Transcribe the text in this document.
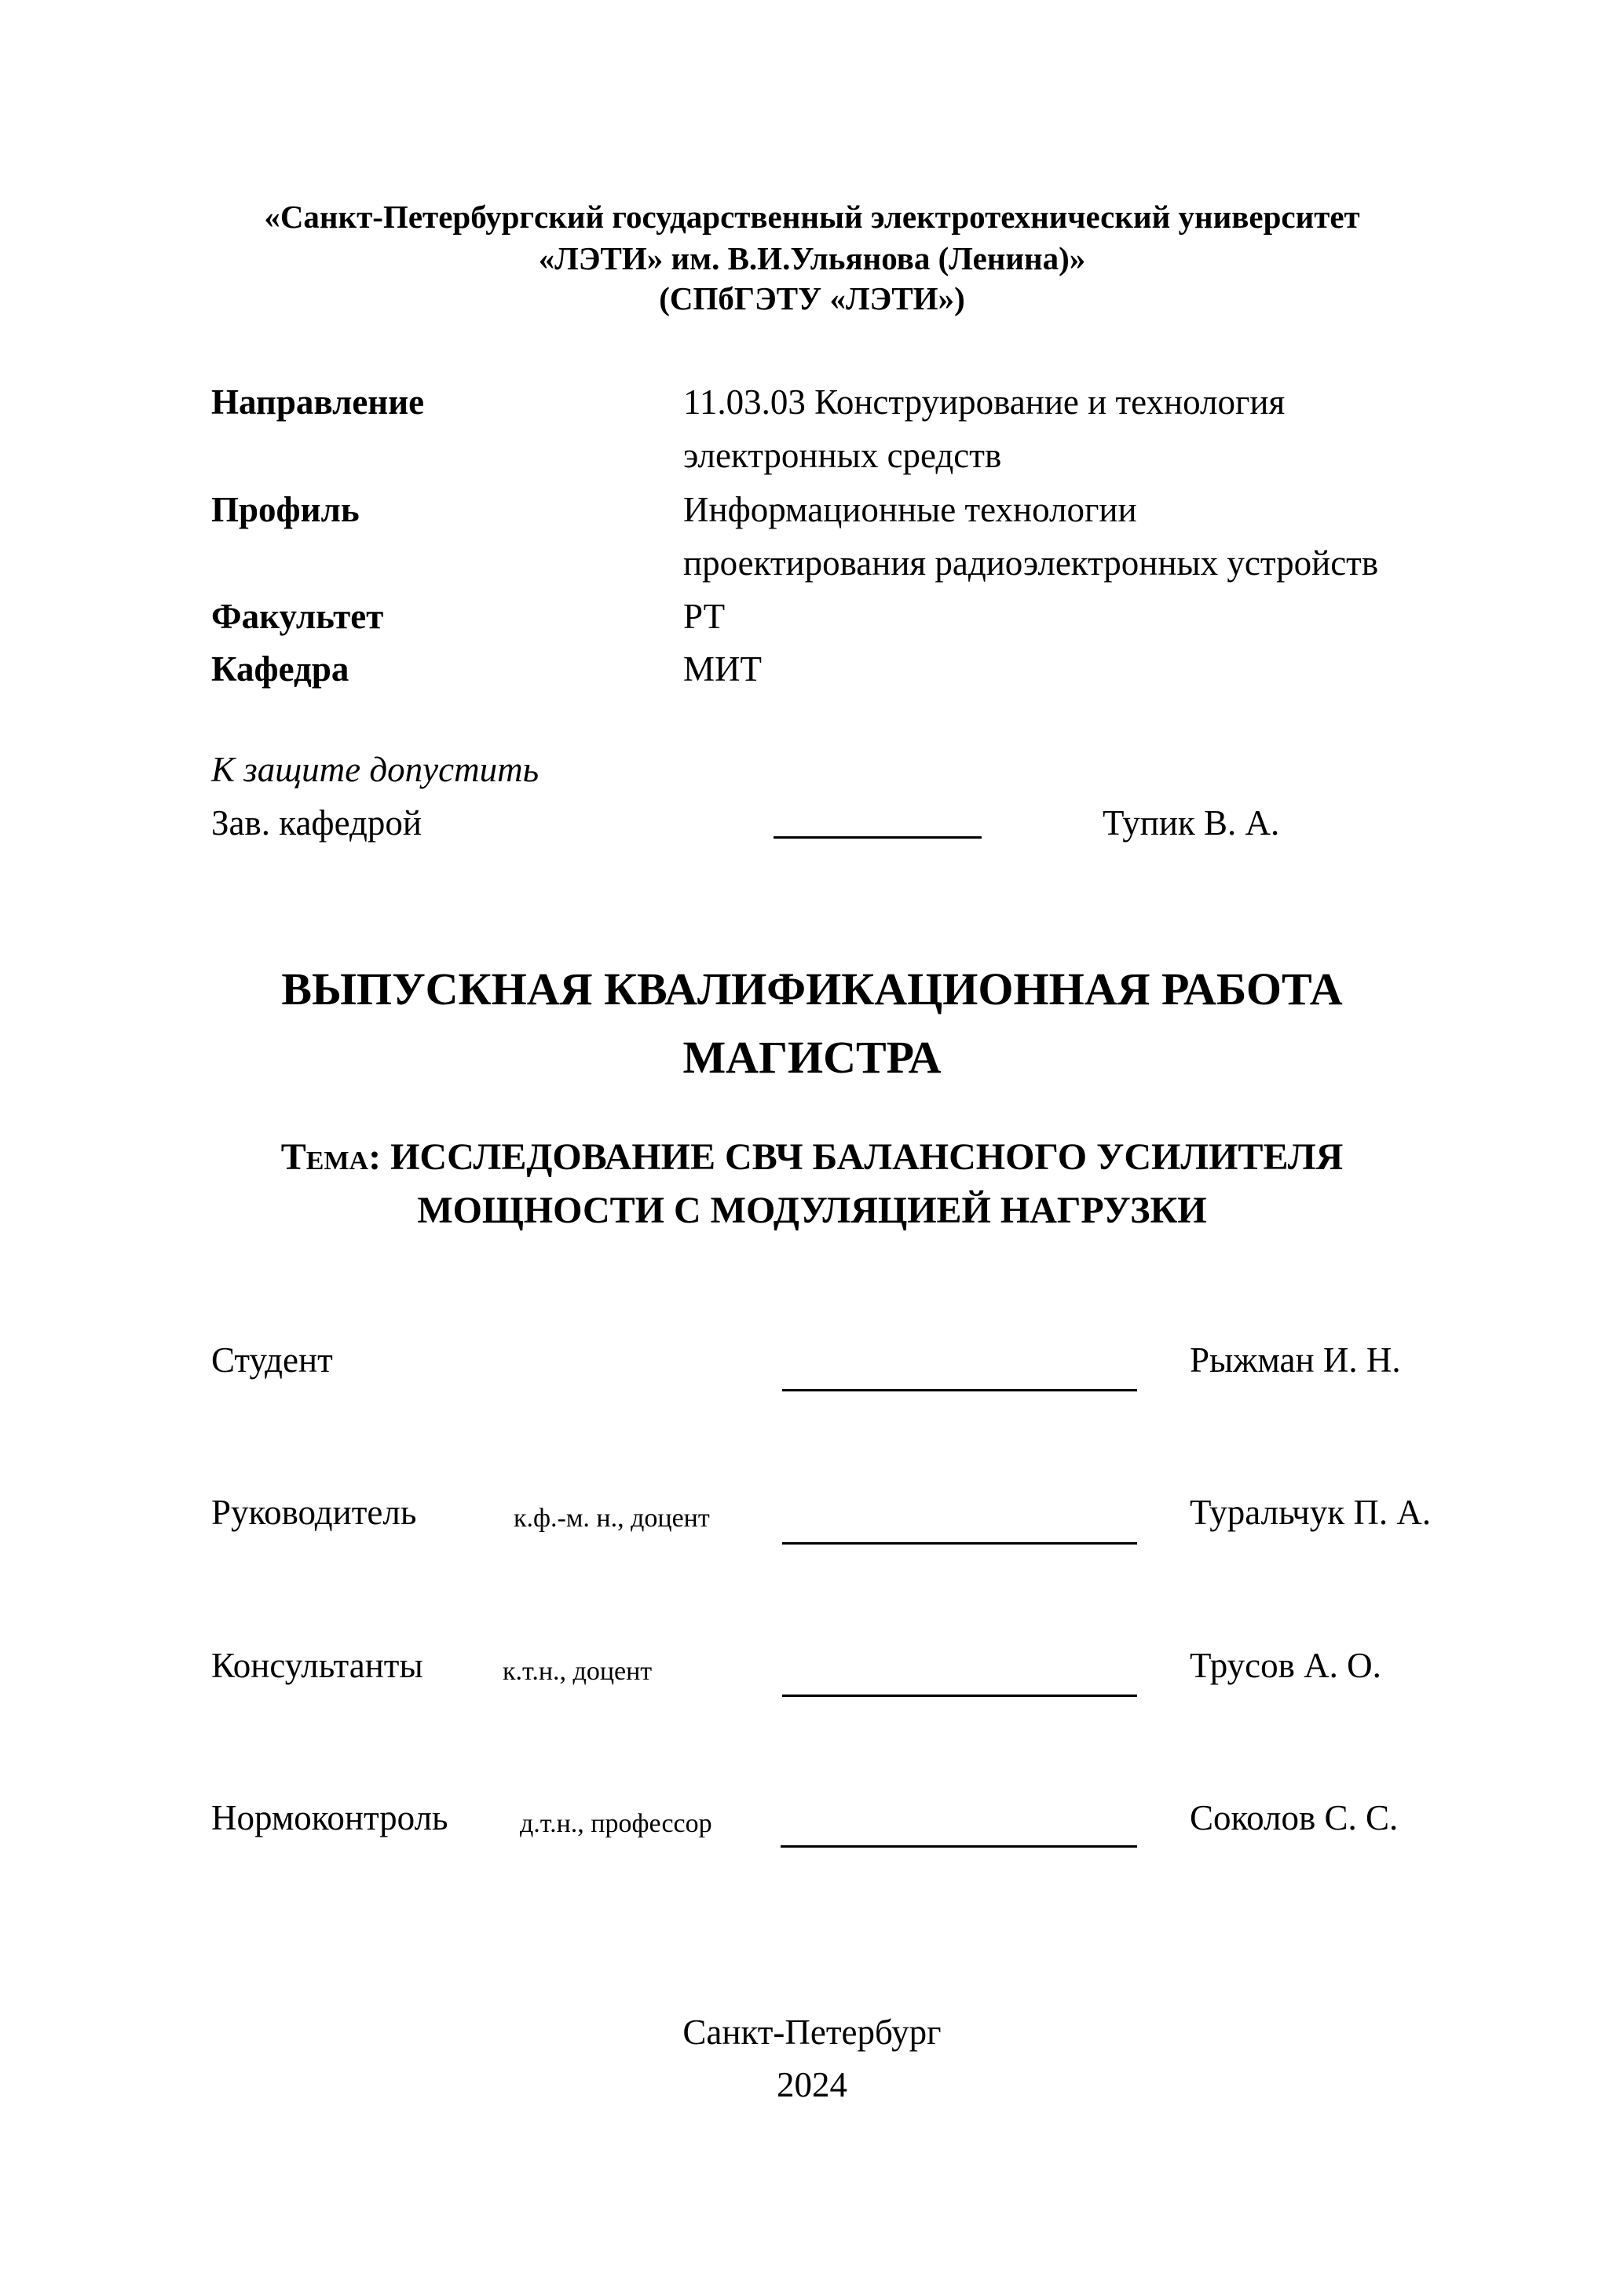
«Санкт-Петербургский государственный электротехнический университет
«ЛЭТИ» им. В.И.Ульянова (Ленина)»
(СПбГЭТУ «ЛЭТИ»)
Направление	11.03.03 Конструирование и технология
электронных средств
Профиль	Информационные технологии
проектирования радиоэлектронных устройств
Факультет	РТ
Кафедра	МИТ
К защите допустить
Зав. кафедрой	Тупик В. А.
ВЫПУСКНАЯ КВАЛИФИКАЦИОННАЯ РАБОТА
МАГИСТРА
Тема: ИССЛЕДОВАНИЕ СВЧ БАЛАНСНОГО УСИЛИТЕЛЯ
МОЩНОСТИ С МОДУЛЯЦИЕЙ НАГРУЗКИ
Студент	Рыжман И. Н.
Руководитель	к.ф.-м. н., доцент	Туральчук П. А.
Консультанты	к.т.н., доцент	Трусов А. О.
Нормоконтроль	д.т.н., профессор	Соколов С. С.
Санкт-Петербург
2024
